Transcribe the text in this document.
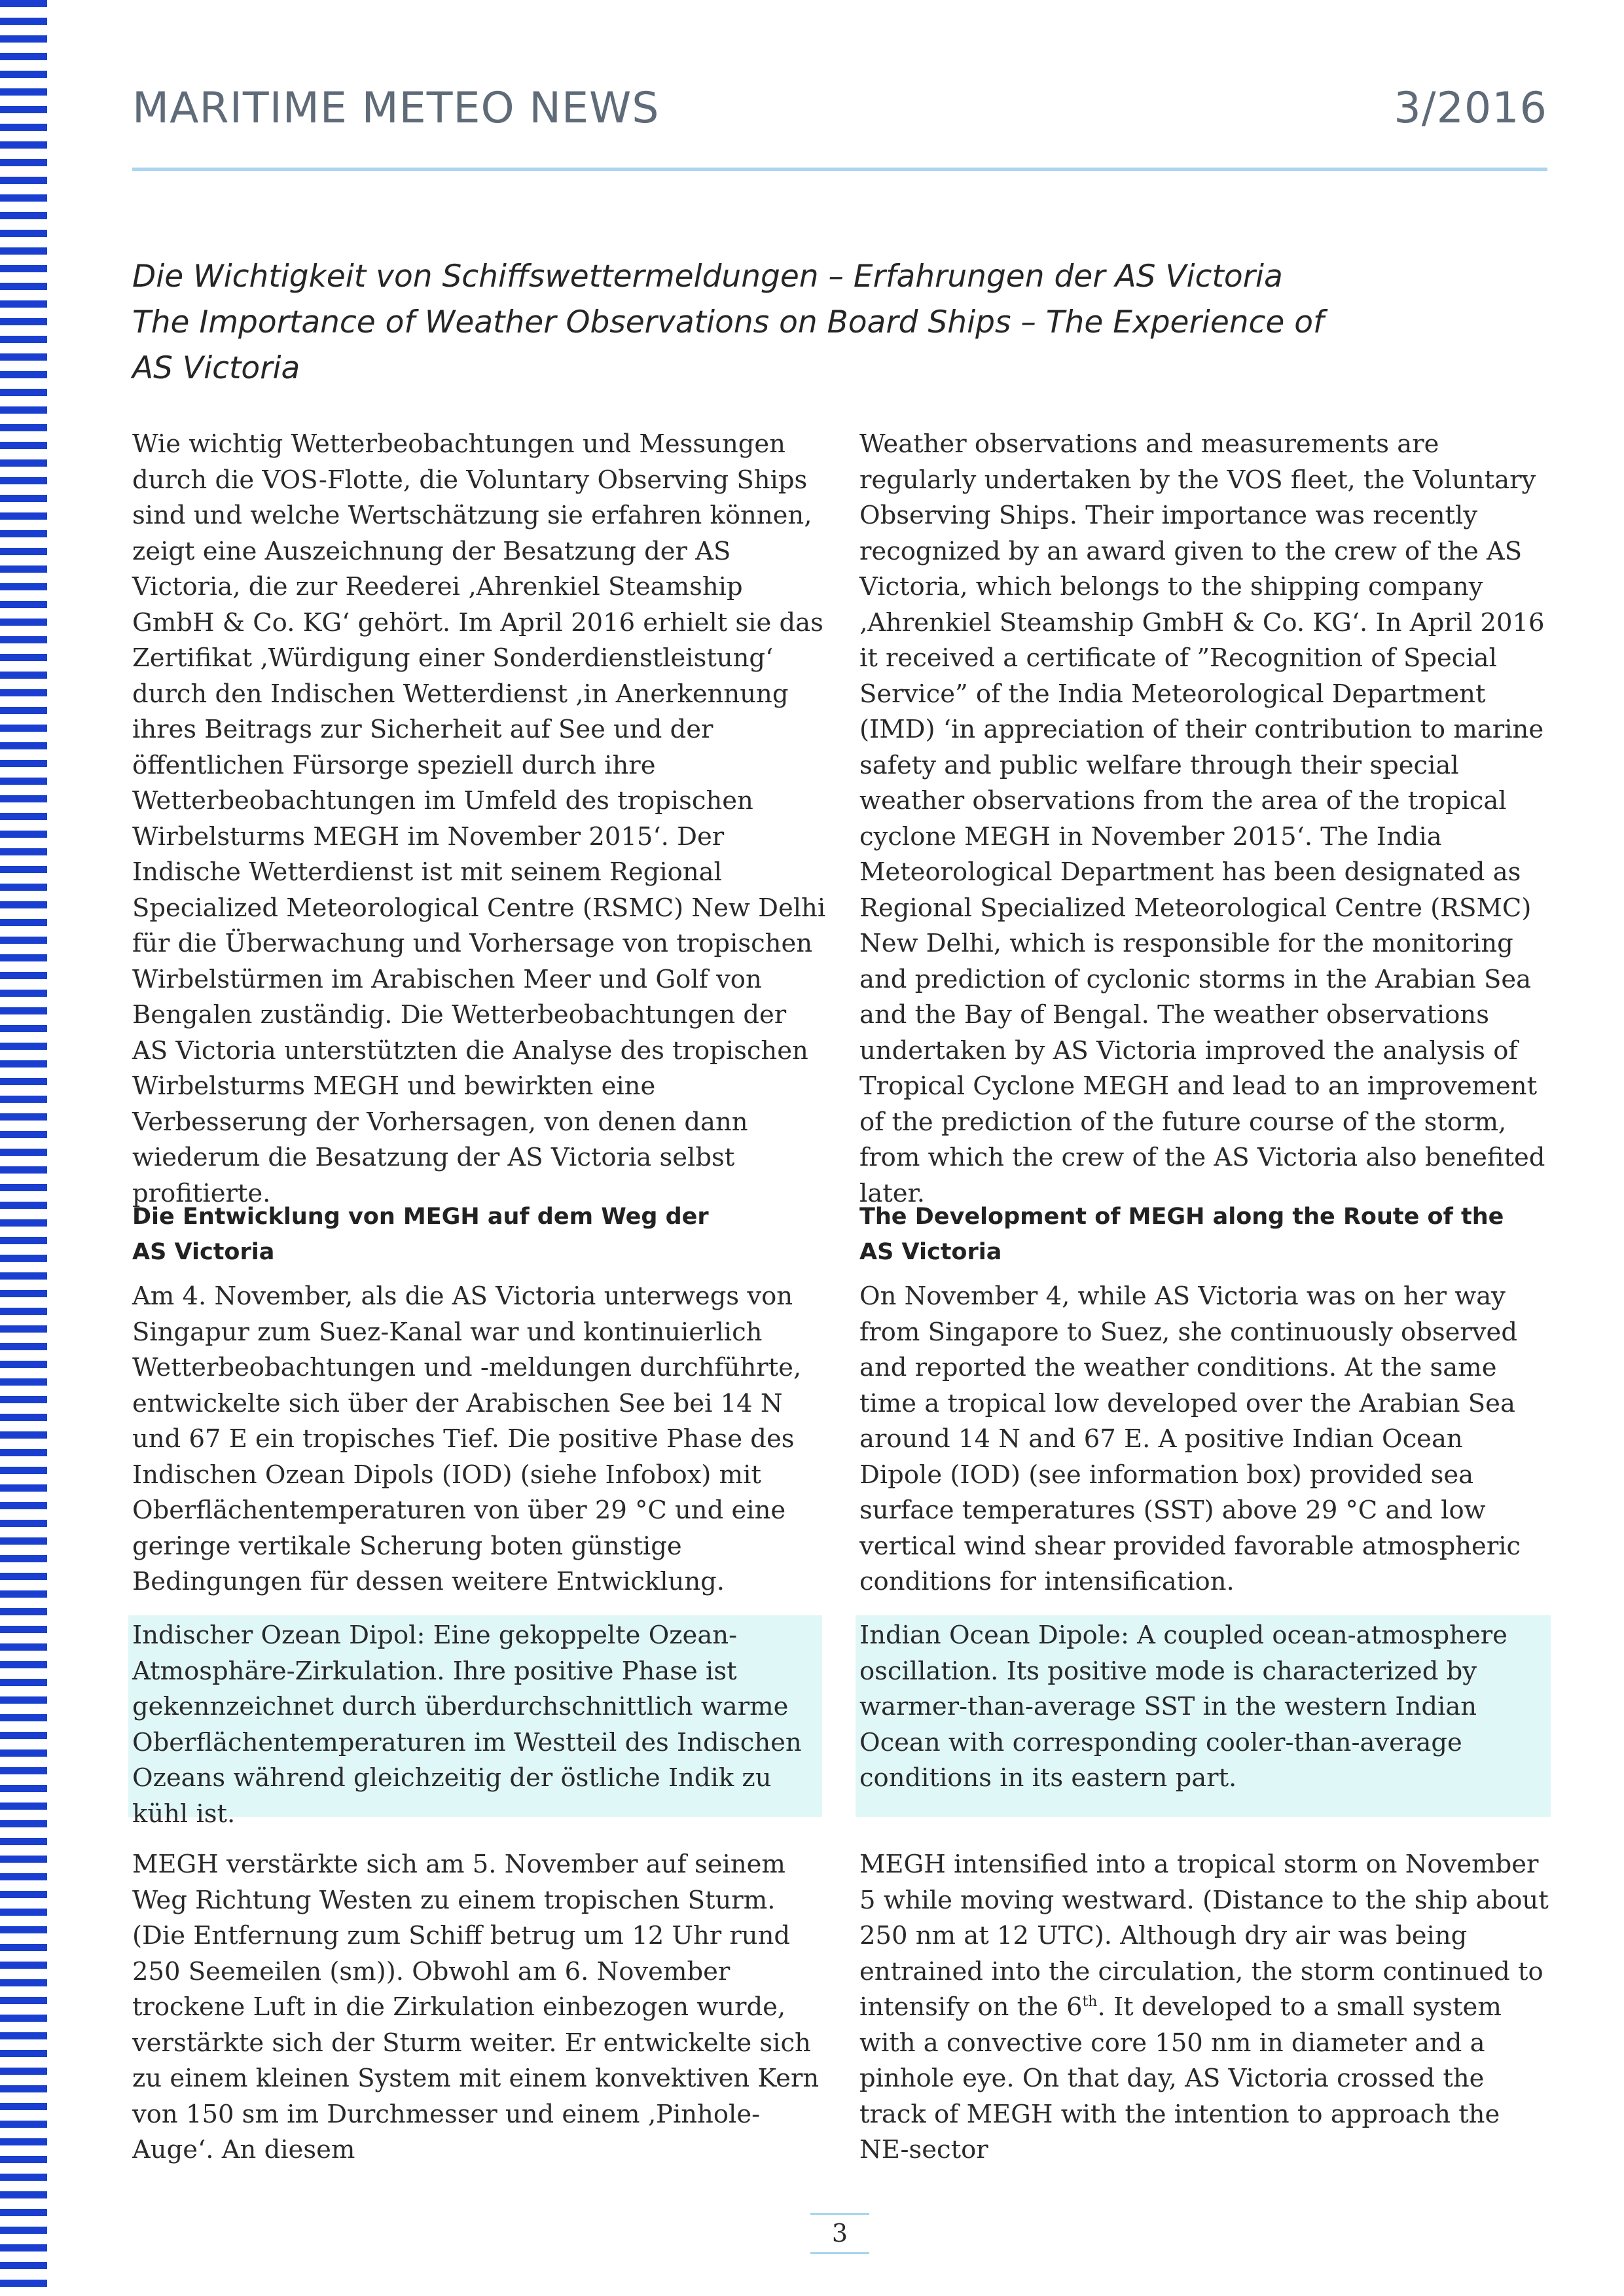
MARITIME METEO NEWS	3/2016

Die Wichtigkeit von Schiffswettermeldungen – Erfahrungen der AS Victoria

The Importance of Weather Observations on Board Ships – The Experience of

AS Victoria

Wie wichtig Wetterbeobachtungen und Messungen durch die VOS-Flotte, die Voluntary Observing Ships sind und welche Wertschätzung sie erfahren können, zeigt eine Auszeichnung der Besatzung der AS Victoria, die zur Reederei ‚Ahrenkiel Steamship GmbH & Co. KG‘ gehört. Im April 2016 erhielt sie das Zertifikat ‚Würdigung einer Sonderdienstleistung‘ durch den Indischen Wetterdienst ‚in Anerkennung ihres Beitrags zur Sicherheit auf See und der öffentlichen Fürsorge speziell durch ihre Wetterbeobachtungen im Umfeld des tropischen Wirbelsturms MEGH im November 2015‘. Der Indische Wetterdienst ist mit seinem Regional Specialized Meteorological Centre (RSMC) New Delhi für die Überwachung und Vorhersage von tropischen Wirbelstürmen im Arabischen Meer und Golf von Bengalen zuständig. Die Wetterbeobachtungen der AS Victoria unterstützten die Analyse des tropischen Wirbelsturms MEGH und bewirkten eine Verbesserung der Vorhersagen, von denen dann wiederum die Besatzung der AS Victoria selbst profitierte.

Weather observations and measurements are regularly undertaken by the VOS fleet, the Voluntary Observing Ships. Their importance was recently recognized by an award given to the crew of the AS Victoria, which belongs to the shipping company ‚Ahrenkiel Steamship GmbH & Co. KG‘. In April 2016 it received a certificate of ”Recognition of Special Service” of the India Meteorological Department (IMD) ‘in appreciation of their contribution to marine safety and public welfare through their special weather observations from the area of the tropical cyclone MEGH in November 2015‘. The India Meteorological Department has been designated as Regional Specialized Meteorological Centre (RSMC) New Delhi, which is responsible for the monitoring and prediction of cyclonic storms in the Arabian Sea and the Bay of Bengal. The weather observations undertaken by AS Victoria improved the analysis of Tropical Cyclone MEGH and lead to an improvement of the prediction of the future course of the storm, from which the crew of the AS Victoria also benefited later.

Die Entwicklung von MEGH auf dem Weg der
AS Victoria
The Development of MEGH along the Route of the
AS Victoria

Am 4. November, als die AS Victoria unterwegs von Singapur zum Suez-Kanal war und kontinuierlich Wetterbeobachtungen und -meldungen durchführte, entwickelte sich über der Arabischen See bei 14 N und 67 E ein tropisches Tief. Die positive Phase des Indischen Ozean Dipols (IOD) (siehe Infobox) mit Oberflächentemperaturen von über 29 °C und eine geringe vertikale Scherung boten günstige Bedingungen für dessen weitere Entwicklung.

On November 4, while AS Victoria was on her way from Singapore to Suez, she continuously observed and reported the weather conditions. At the same time a tropical low developed over the Arabian Sea around 14 N and 67 E. A positive Indian Ocean Dipole (IOD) (see information box) provided sea surface temperatures (SST) above 29 °C and low vertical wind shear provided favorable atmospheric conditions for intensification.

Indischer Ozean Dipol: Eine gekoppelte Ozean-Atmosphäre-Zirkulation. Ihre positive Phase ist gekennzeichnet durch überdurchschnittlich warme Oberflächentemperaturen im Westteil des Indischen Ozeans während gleichzeitig der östliche Indik zu kühl ist.

Indian Ocean Dipole: A coupled ocean-atmosphere oscillation. Its positive mode is characterized by warmer-than-average SST in the western Indian Ocean with corresponding cooler-than-average conditions in its eastern part.

MEGH verstärkte sich am 5. November auf seinem Weg Richtung Westen zu einem tropischen Sturm. (Die Entfernung zum Schiff betrug um 12 Uhr rund 250 Seemeilen (sm)). Obwohl am 6. November trockene Luft in die Zirkulation einbezogen wurde, verstärkte sich der Sturm weiter. Er entwickelte sich zu einem kleinen System mit einem konvektiven Kern von 150 sm im Durchmesser und einem ‚Pinhole-Auge‘. An diesem

MEGH intensified into a tropical storm on November 5 while moving westward. (Distance to the ship about 250 nm at 12 UTC). Although dry air was being entrained into the circulation, the storm continued to intensify on the 6th. It developed to a small system with a convective core 150 nm in diameter and a pinhole eye. On that day, AS Victoria crossed the track of MEGH with the intention to approach the NE-sector

3
